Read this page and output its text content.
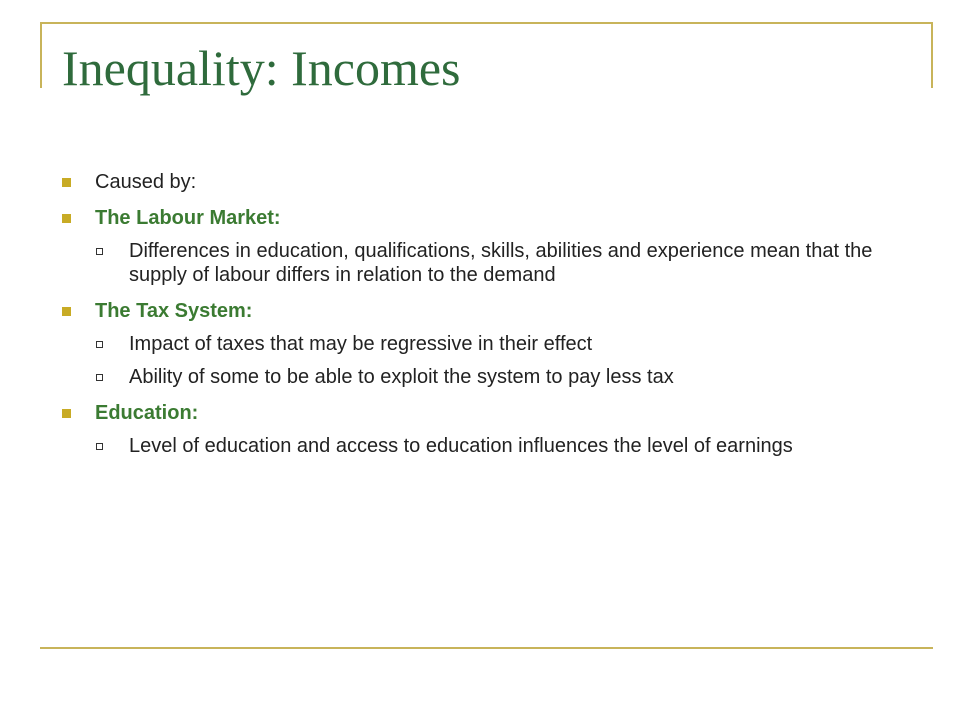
Inequality: Incomes
Caused by:
The Labour Market:
Differences in education, qualifications, skills, abilities and experience mean that the supply of labour differs in relation to the demand
The Tax System:
Impact of taxes that may be regressive in their effect
Ability of some to be able to exploit the system to pay less tax
Education:
Level of education and access to education influences the level of earnings
